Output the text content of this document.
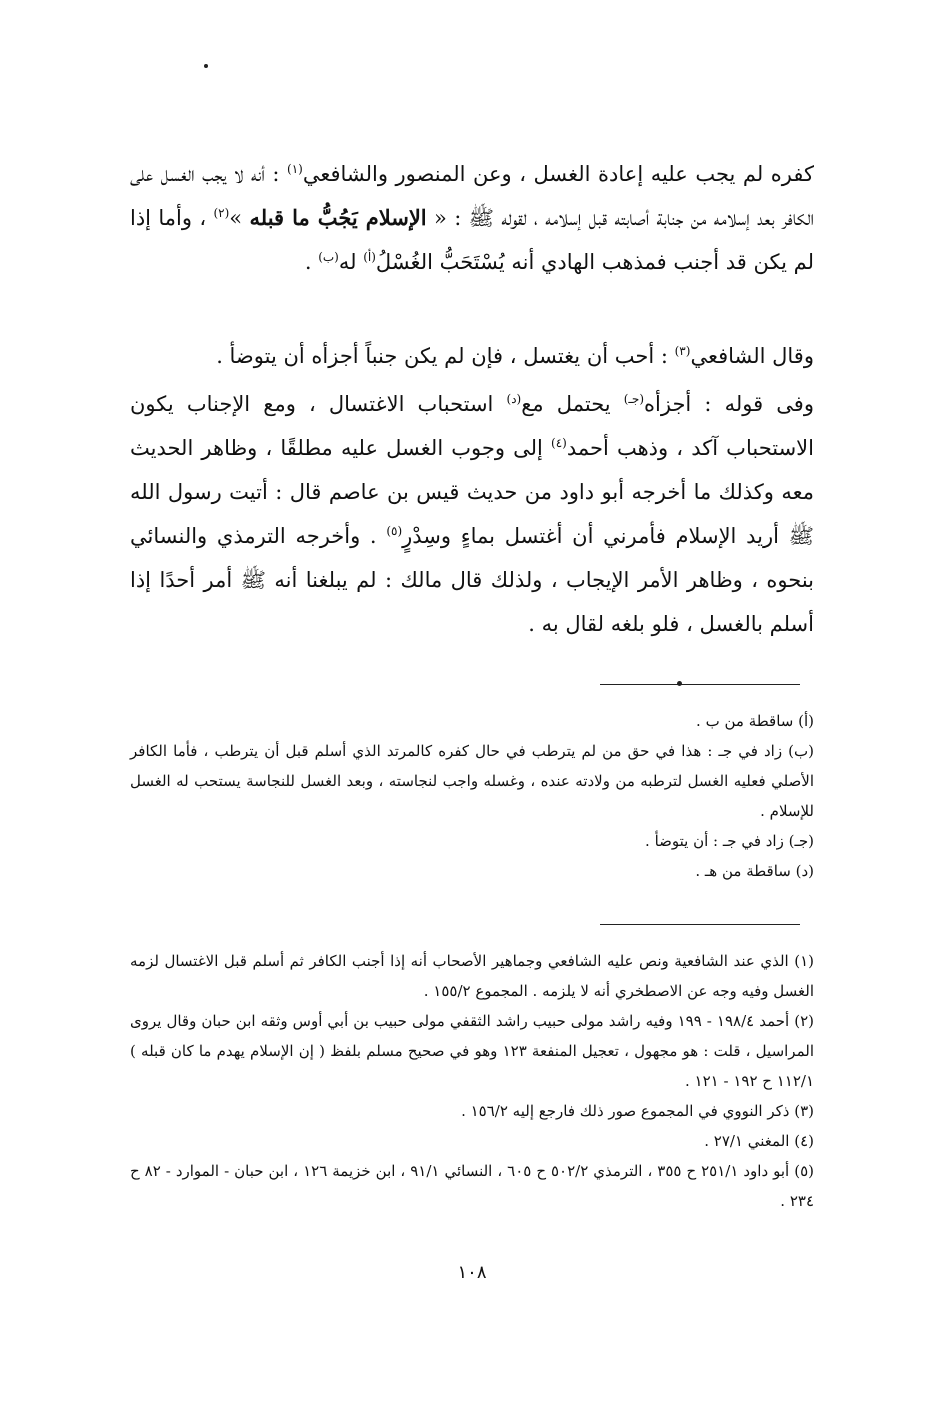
كفره لم يجب عليه إعادة الغسل ، وعن المنصور والشافعي$^{(١)}$ : أنه لا يجب الغسل على الكافر بعد إسلامه من جنابة أصابته قبل إسلامه ، لقوله ﷺ : « الإسلام يَجُبُّ ما قبله »$^{(٢)}$ ، وأما إذا لم يكن قد أجنب فمذهب الهادي أنه يُسْتَحَبُّ الغُسْلُ$^{(أ)}$ له$^{(ب)}$ .

وقال الشافعي$^{(٣)}$ : أحب أن يغتسل ، فإن لم يكن جنباً أجزأه أن يتوضأ .

وفى قوله : أجزأه$^{(جـ)}$ يحتمل مع$^{(د)}$ استحباب الاغتسال ، ومع الإجناب يكون الاستحباب آكد ، وذهب أحمد$^{(٤)}$ إلى وجوب الغسل عليه مطلقًا ، وظاهر الحديث معه وكذلك ما أخرجه أبو داود من حديث قيس بن عاصم قال : أتيت رسول الله ﷺ أريد الإسلام فأمرني أن أغتسل بماءٍ وسِدْرٍ$^{(٥)}$ . وأخرجه الترمذي والنسائي بنحوه ، وظاهر الأمر الإيجاب ، ولذلك قال مالك : لم يبلغنا أنه ﷺ أمر أحدًا إذا أسلم بالغسل ، فلو بلغه لقال به .

(أ) ساقطة من ب .

(ب) زاد في جـ : هذا في حق من لم يترطب في حال كفره كالمرتد الذي أسلم قبل أن يترطب ، فأما الكافر الأصلي فعليه الغسل لترطبه من ولادته عنده ، وغسله واجب لنجاسته ، وبعد الغسل للنجاسة يستحب له الغسل للإسلام .

(جـ) زاد في جـ : أن يتوضأ .

(د) ساقطة من هـ .

(١) الذي عند الشافعية ونص عليه الشافعي وجماهير الأصحاب أنه إذا أجنب الكافر ثم أسلم قبل الاغتسال لزمه الغسل وفيه وجه عن الاصطخري أنه لا يلزمه . المجموع ١٥٥/٢ .

(٢) أحمد ١٩٨/٤ - ١٩٩ وفيه راشد مولى حبيب راشد الثقفي مولى حبيب بن أبي أوس وثقه ابن حبان وقال يروى المراسيل ، قلت : هو مجهول ، تعجيل المنفعة ١٢٣ وهو في صحيح مسلم بلفظ ( إن الإسلام يهدم ما كان قبله ) ١١٢/١ ح ١٩٢ - ١٢١ .

(٣) ذكر النووي في المجموع صور ذلك فارجع إليه ١٥٦/٢ .

(٤) المغني ٢٧/١ .

(٥) أبو داود ٢٥١/١ ح ٣٥٥ ، الترمذي ٥٠٢/٢ ح ٦٠٥ ، النسائي ٩١/١ ، ابن خزيمة ١٢٦ ، ابن حبان - الموارد - ٨٢ ح ٢٣٤ .

١٠٨
